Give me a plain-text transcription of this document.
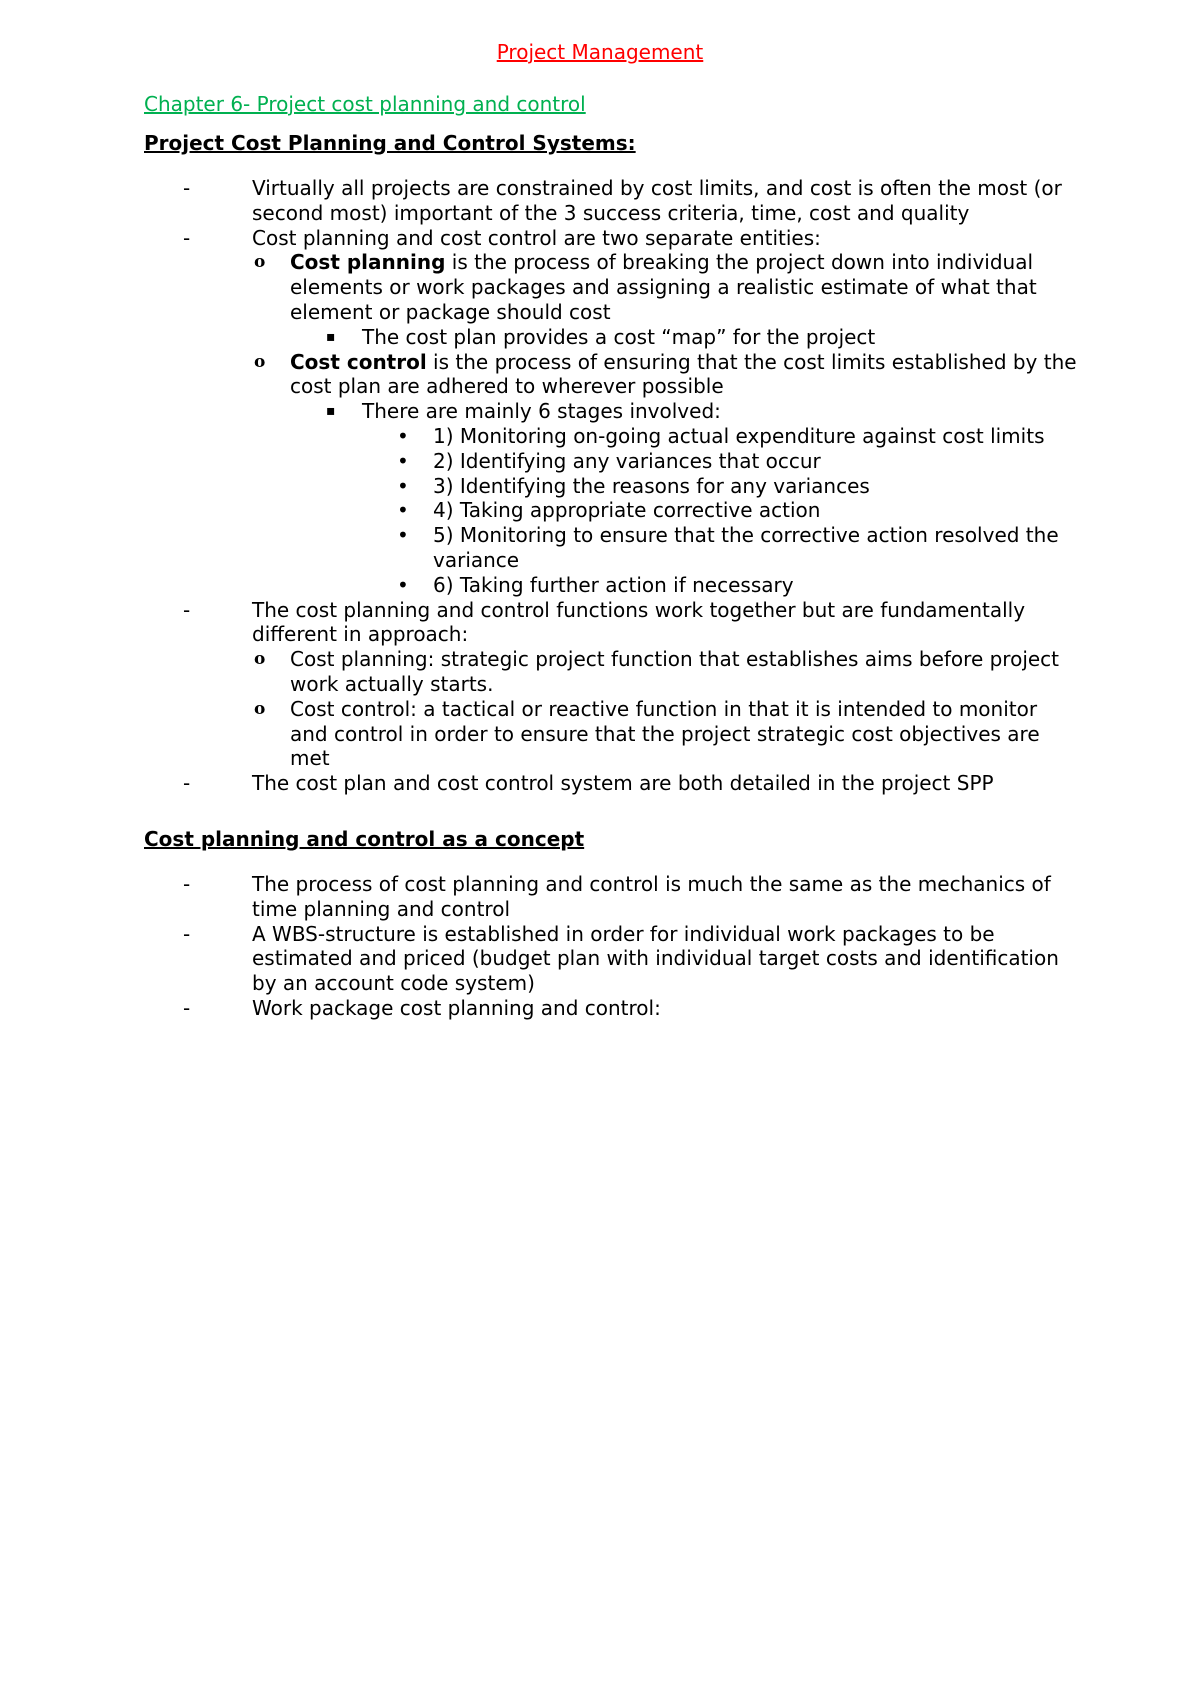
Project Management
Chapter 6- Project cost planning and control
Project Cost Planning and Control Systems:
-	Virtually all projects are constrained by cost limits, and cost is often the most (or second most) important of the 3 success criteria, time, cost and quality
-	Cost planning and cost control are two separate entities:
o Cost planning is the process of breaking the project down into individual elements or work packages and assigning a realistic estimate of what that element or package should cost
▪ The cost plan provides a cost “map” for the project
o Cost control is the process of ensuring that the cost limits established by the cost plan are adhered to wherever possible
▪ There are mainly 6 stages involved:
• 1) Monitoring on-going actual expenditure against cost limits
• 2) Identifying any variances that occur
• 3) Identifying the reasons for any variances
• 4) Taking appropriate corrective action
• 5) Monitoring to ensure that the corrective action resolved the variance
• 6) Taking further action if necessary
-	The cost planning and control functions work together but are fundamentally different in approach:
o Cost planning: strategic project function that establishes aims before project work actually starts.
o Cost control: a tactical or reactive function in that it is intended to monitor and control in order to ensure that the project strategic cost objectives are met
-	The cost plan and cost control system are both detailed in the project SPP
Cost planning and control as a concept
-	The process of cost planning and control is much the same as the mechanics of time planning and control
-	A WBS-structure is established in order for individual work packages to be estimated and priced (budget plan with individual target costs and identification by an account code system)
-	Work package cost planning and control:
